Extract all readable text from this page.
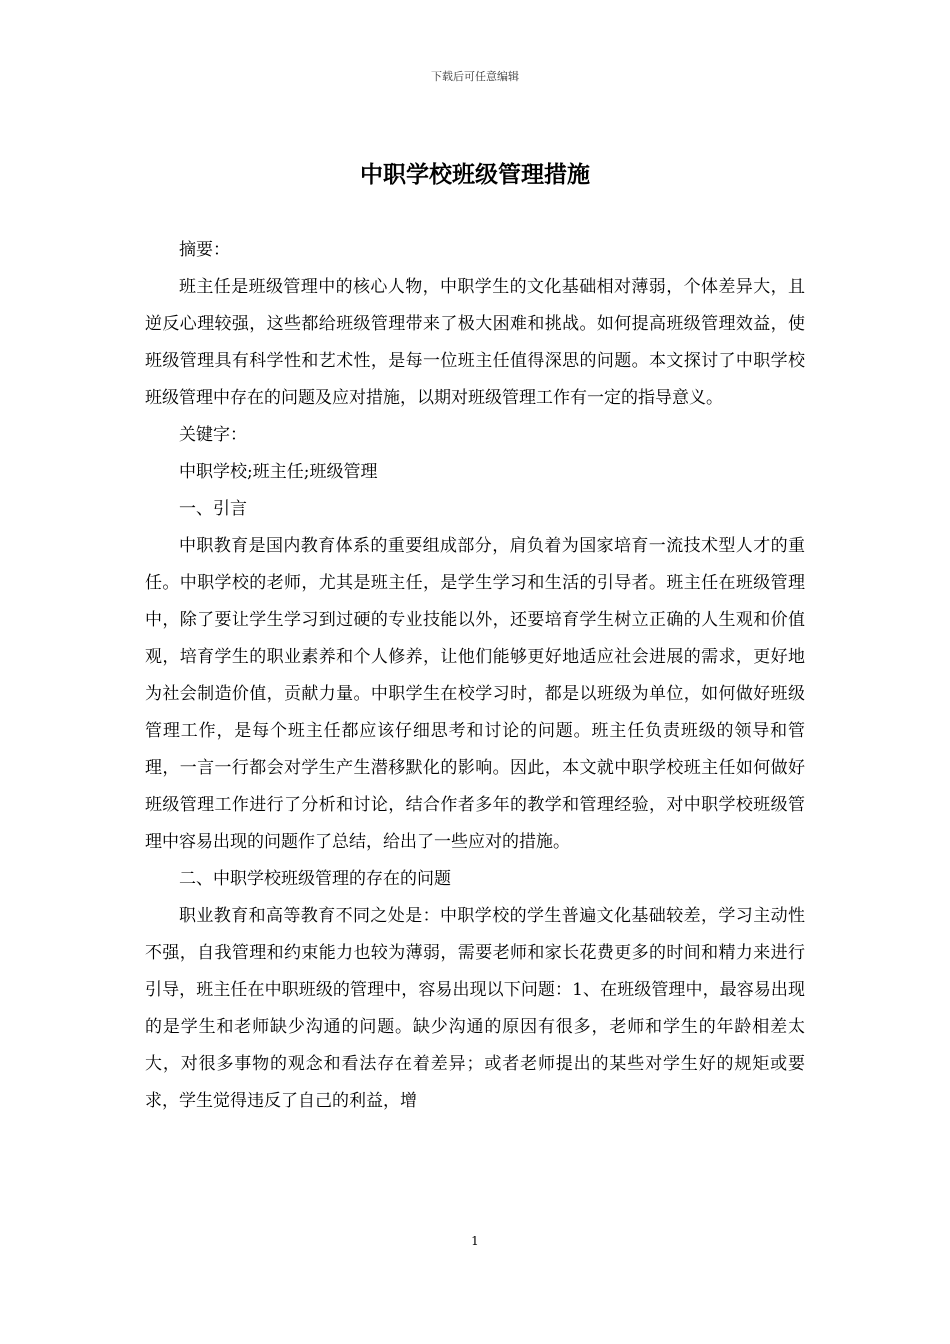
下载后可任意编辑
中职学校班级管理措施

摘要：

班主任是班级管理中的核心人物，中职学生的文化基础相对薄弱，个体差异大，且逆反心理较强，这些都给班级管理带来了极大困难和挑战。如何提高班级管理效益，使班级管理具有科学性和艺术性，是每一位班主任值得深思的问题。本文探讨了中职学校班级管理中存在的问题及应对措施，以期对班级管理工作有一定的指导意义。

关键字：

中职学校;班主任;班级管理

一、引言

中职教育是国内教育体系的重要组成部分，肩负着为国家培育一流技术型人才的重任。中职学校的老师，尤其是班主任，是学生学习和生活的引导者。班主任在班级管理中，除了要让学生学习到过硬的专业技能以外，还要培育学生树立正确的人生观和价值观，培育学生的职业素养和个人修养，让他们能够更好地适应社会进展的需求，更好地为社会制造价值，贡献力量。中职学生在校学习时，都是以班级为单位，如何做好班级管理工作，是每个班主任都应该仔细思考和讨论的问题。班主任负责班级的领导和管理，一言一行都会对学生产生潜移默化的影响。因此，本文就中职学校班主任如何做好班级管理工作进行了分析和讨论，结合作者多年的教学和管理经验，对中职学校班级管理中容易出现的问题作了总结，给出了一些应对的措施。

二、中职学校班级管理的存在的问题

职业教育和高等教育不同之处是：中职学校的学生普遍文化基础较差，学习主动性不强，自我管理和约束能力也较为薄弱，需要老师和家长花费更多的时间和精力来进行引导，班主任在中职班级的管理中，容易出现以下问题：1、在班级管理中，最容易出现的是学生和老师缺少沟通的问题。缺少沟通的原因有很多，老师和学生的年龄相差太大，对很多事物的观念和看法存在着差异；或者老师提出的某些对学生好的规矩或要求，学生觉得违反了自己的利益，增

1
